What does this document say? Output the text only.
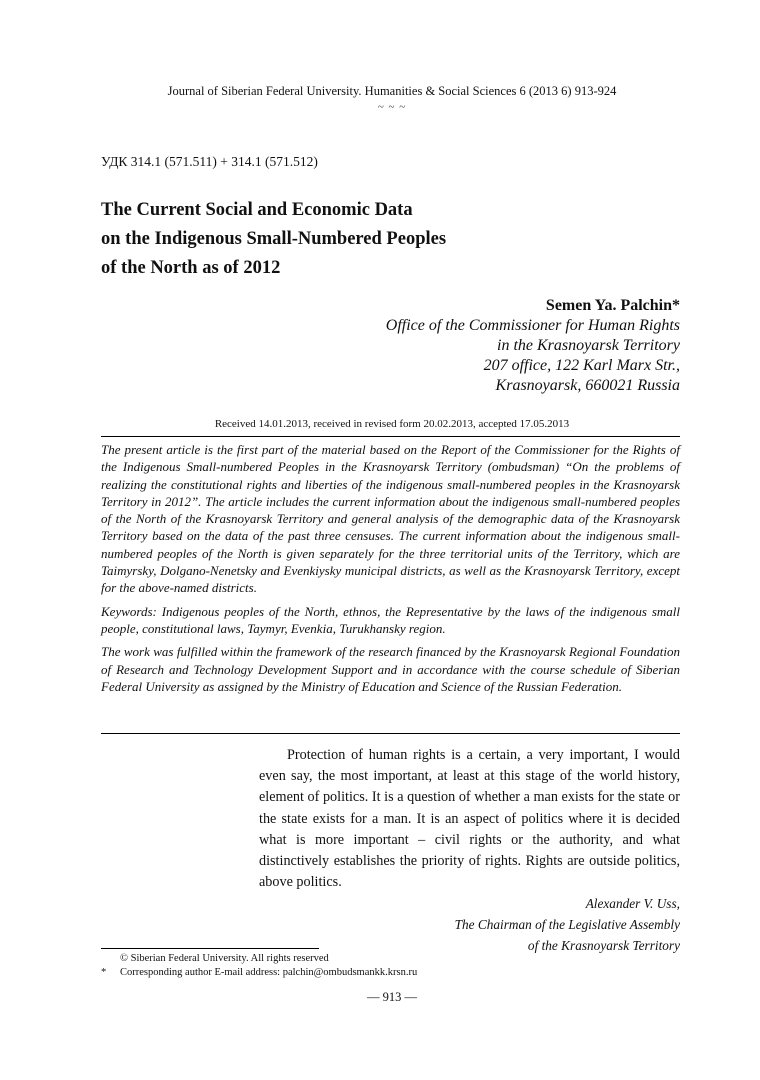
Journal of Siberian Federal University. Humanities & Social Sciences 6 (2013 6) 913-924
~ ~ ~
УДК 314.1 (571.511) + 314.1 (571.512)
The Current Social and Economic Data
on the Indigenous Small-Numbered Peoples
of the North as of 2012
Semen Ya. Palchin*
Office of the Commissioner for Human Rights
in the Krasnoyarsk Territory
207 office, 122 Karl Marx Str.,
Krasnoyarsk, 660021 Russia
Received 14.01.2013, received in revised form 20.02.2013, accepted 17.05.2013

The present article is the first part of the material based on the Report of the Commissioner for the Rights of the Indigenous Small-numbered Peoples in the Krasnoyarsk Territory (ombudsman) “On the problems of realizing the constitutional rights and liberties of the indigenous small-numbered peoples in the Krasnoyarsk Territory in 2012”. The article includes the current information about the indigenous small-numbered peoples of the North of the Krasnoyarsk Territory and general analysis of the demographic data of the Krasnoyarsk Territory based on the data of the past three censuses. The current information about the indigenous small-numbered peoples of the North is given separately for the three territorial units of the Territory, which are Taimyrsky, Dolgano-Nenetsky and Evenkiysky municipal districts, as well as the Krasnoyarsk Territory, except for the above-named districts.

Keywords: Indigenous peoples of the North, ethnos, the Representative by the laws of the indigenous small people, constitutional laws, Taymyr, Evenkia, Turukhansky region.

The work was fulfilled within the framework of the research financed by the Krasnoyarsk Regional Foundation of Research and Technology Development Support and in accordance with the course schedule of Siberian Federal University as assigned by the Ministry of Education and Science of the Russian Federation.

Protection of human rights is a certain, a very important, I would even say, the most important, at least at this stage of the world history, element of politics. It is a question of whether a man exists for the state or the state exists for a man. It is an aspect of politics where it is decided what is more important – civil rights or the authority, and what distinctively establishes the priority of rights. Rights are outside politics, above politics.

Alexander V. Uss,
The Chairman of the Legislative Assembly
of the Krasnoyarsk Territory
© Siberian Federal University. All rights reserved
*	Corresponding author E-mail address: palchin@ombudsmankk.krsn.ru
— 913 —
